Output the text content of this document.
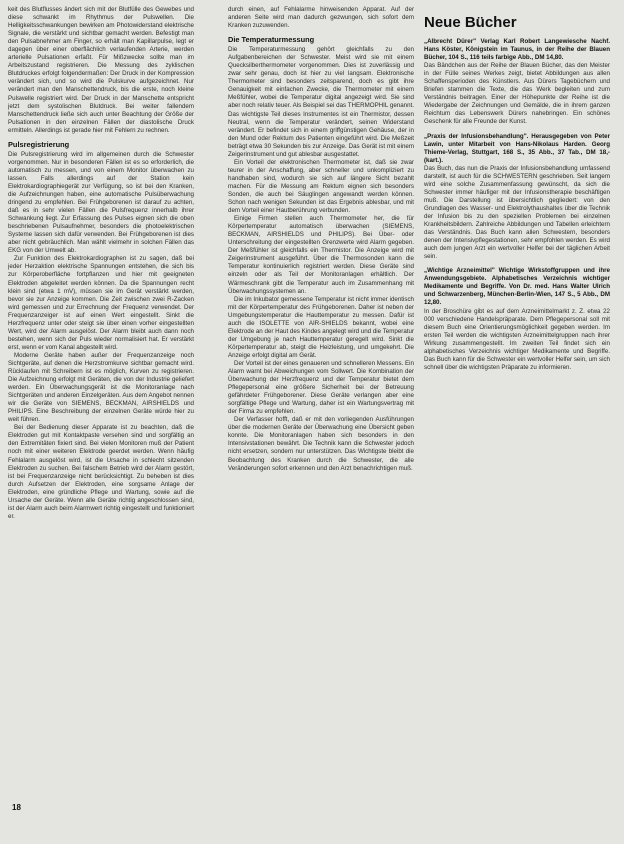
keit des Blutflusses ändert sich mit der Blutfülle des Gewebes und diese schwankt im Rhythmus der Pulswellen. Die Helligkeitsschwankungen bewirken am Photowiderstand elektrische Signale, die verstärkt und sichtbar gemacht werden. Befestigt man den Pulsabnehmer am Finger, so erhält man Kapillarpulse, legt er dagegen über einer oberflächlich verlaufenden Arterie, werden arterielle Pulsationen erfaßt. Für Mißzwecke sollte man im Arbeitszustand registrieren. Die Messung des zyklischen Blutdruckes erfolgt folgendermaßen: Der Druck in der Kompression verändert sich, und so wird die Pulskurve aufgezeichnet. Nur verändert man den Manschettendruck, bis die erste, noch kleine Pulswelle registriert wird. Der Druck in der Manschette entspricht jetzt dem systolischen Blutdruck. Bei weiter fallendem Manschettendruck ließe sich auch unter Beachtung der Größe der Pulsationen in den einzelnen Fällen der diastolische Druck ermitteln. Allerdings ist gerade hier mit Fehlern zu rechnen.

Pulsregistrierung

Die Pulsregistrierung wird im allgemeinen durch die Schwester vorgenommen. Nur in besonderen Fällen ist es so erforderlich, die automatisch zu messen, und von einem Monitor überwachen zu lassen. Falls allerdings auf der Station kein Elektrokardiographiegerät zur Verfügung, so ist bei den Kranken, die Aufzeichnungen haben, eine automatische Pulsüberwachung dringend zu empfehlen. Bei Frühgeborenen ist darauf zu achten, daß es in sehr vielen Fällen die Pulsfrequenz innerhalb ihrer Schwankung liegt. Zur Erfassung des Pulses eignen sich die oben beschriebenen Pulsaufnehmer, besonders die photoelektrischen Systeme lassen sich dafür verwenden. Bei Frühgeborenen ist dies aber nicht gebräuchlich. Man wählt vielmehr in solchen Fällen das EKG von der Umwelt ab.

Zur Funktion des Elektrokardiographen ist zu sagen, daß bei jeder Herzaktion elektrische Spannungen entstehen, die sich bis zur Körperoberfläche fortpflanzen und hier mit geeigneten Elektroden abgeleitet werden können. Da die Spannungen recht klein sind (etwa 1 mV), müssen sie im Gerät verstärkt werden, bevor sie zur Anzeige kommen. Die Zeit zwischen zwei R-Zacken wird gemessen und zur Errechnung der Frequenz verwendet. Der Frequenzanzeiger ist auf einen Wert eingestellt. Sinkt die Herzfrequenz unter oder steigt sie über einen vorher eingestellten Wert, wird der Alarm ausgelöst. Der Alarm bleibt auch dann noch bestehen, wenn sich der Puls wieder normalisiert hat. Er verstärkt erst, wenn er vom Kanal abgestellt wird.

Moderne Geräte haben außer der Frequenzanzeige noch Sichtgeräte, auf denen die Herzstromkurve sichtbar gemacht wird. Rücklaufen mit Schreibern ist es möglich, Kurven zu registrieren. Die Aufzeichnung erfolgt mit Geräten, die von der Industrie geliefert werden. Ein Überwachungsgerät ist die Monitoranlage nach Sichtgeräten und anderen Einzelgeräten. Aus dem Angebot nennen wir die Geräte von SIEMENS, BECKMAN, AIRSHIELDS und PHILIPS. Eine Beschreibung der einzelnen Geräte würde hier zu weit führen.

Bei der Bedienung dieser Apparate ist zu beachten, daß die Elektroden gut mit Kontaktpaste versehen sind und sorgfältig an den Extremitäten fixiert sind. Bei vielen Monitoren muß der Patient noch mit einer weiteren Elektrode geerdet werden. Wenn häufig Fehlalarm ausgelöst wird, ist die Ursache in schlecht sitzenden Elektroden zu suchen. Bei falschem Betrieb wird der Alarm gestört, ist bei Frequenzanzeige nicht berücksichtigt. Zu beheben ist dies durch Aufsetzen der Elektroden, eine sorgsame Anlage der Elektroden, eine gründliche Pflege und Wartung, sowie auf die Ursache der Geräte. Wenn alle Geräte richtig angeschlossen sind, ist der Alarm auch beim Alarmwert richtig eingestellt und funktioniert er.

durch einen, auf Fehlalarme hinweisenden Apparat. Auf der anderen Seite wird man dadurch gezwungen, sich sofort dem Kranken zuzuwenden.

Die Temperaturmessung

Die Temperaturmessung gehört gleichfalls zu den Aufgabenbereichen der Schwester. Meist wird sie mit einem Quecksilberthermometer vorgenommen. Dies ist zuverlässig und zwar sehr genau, doch ist hier zu viel langsam. Elektronische Thermometer sind besonders zeitsparend, doch es gibt ihre Genauigkeit mit einfachen Zwecke, die Thermometer mit einem Meßfühler, wobei die Temperatur digital angezeigt wird. Sie sind aber noch relativ teuer. Als Beispiel sei das THERMOPHIL genannt. Das wichtigste Teil dieses Instrumentes ist ein Thermistor, dessen Neutral, wenn die Temperatur verändert, seinen Widerstand verändert. Er befindet sich in einem griffgünstigen Gehäuse, der in den Mund oder Rektum des Patienten eingeführt wird. Die Meßzeit beträgt etwa 30 Sekunden bis zur Anzeige. Das Gerät ist mit einem Zeigerinstrument und gut ablesbar ausgestattet.

Ein Vorteil der elektronischen Thermometer ist, daß sie zwar teurer in der Anschaffung, aber schneller und unkompliziert zu handhaben sind, wodurch sie sich auf längere Sicht bezahlt machen. Für die Messung am Rektum eignen sich besonders Sonden, die auch bei Säuglingen angewandt werden können. Schon nach wenigen Sekunden ist das Ergebnis ablesbar, und mit dem Vorteil einer Hautberührung verbunden.

Einige Firmen stellen auch Thermometer her, die für Körpertemperatur automatisch überwachen (SIEMENS, BECKMAN, AIRSHIELDS und PHILIPS). Bei Über- oder Unterschreitung der eingestellten Grenzwerte wird Alarm gegeben. Der Meßfühler ist gleichfalls ein Thermistor. Die Anzeige wird mit Zeigerinstrument ausgeführt. Über die Thermosonden kann die Temperatur kontinuierlich registriert werden. Diese Geräte sind einzeln oder als Teil der Monitoranlagen erhältlich. Der Wärmeschrank gibt die Temperatur auch im Zusammenhang mit Überwachungssystemen an.

Die im Inkubator gemessene Temperatur ist nicht immer identisch mit der Körpertemperatur des Frühgeborenen. Daher ist neben der Umgebungstemperatur die Hauttemperatur zu messen. Dafür ist auch die ISOLETTE von AIR-SHIELDS bekannt, wobei eine Elektrode an der Haut des Kindes angelegt wird und die Temperatur der Umgebung je nach Hauttemperatur geregelt wird. Sinkt die Körpertemperatur ab, steigt die Heizleistung, und umgekehrt. Die Anzeige erfolgt digital am Gerät.

Der Vorteil ist der eines genaueren und schnelleren Messens. Ein Alarm warnt bei Abweichungen vom Sollwert. Die Kombination der Überwachung der Herzfrequenz und der Temperatur bietet dem Pflegepersonal eine größere Sicherheit bei der Betreuung gefährdeter Frühgeborener. Diese Geräte verlangen aber eine sorgfältige Pflege und Wartung, daher ist ein Wartungsvertrag mit der Firma zu empfehlen.

Der Verfasser hofft, daß er mit den vorliegenden Ausführungen über die modernen Geräte der Überwachung eine Übersicht geben konnte. Die Monitoranlagen haben sich besonders in den Intensivstationen bewährt. Die Technik kann die Schwester jedoch nicht ersetzen, sondern nur unterstützen. Das Wichtigste bleibt die Beobachtung des Kranken durch die Schwester, die alle Veränderungen sofort erkennen und den Arzt benachrichtigen muß.

Neue Bücher
„Albrecht Dürer" Verlag Karl Robert Langewiesche Nachf. Hans Köster, Königstein im Taunus, in der Reihe der Blauen Bücher, 104 S., 116 teils farbige Abb., DM 14,80.
Das Bändchen aus der Reihe der Blauen Bücher, das den Meister in der Fülle seines Werkes zeigt, bietet Abbildungen aus allen Schaffensperioden des Künstlers. Aus Dürers Tagebüchern und Briefen stammen die Texte, die das Werk begleiten und zum Verständnis beitragen. Einer der Höhepunkte der Reihe ist die Wiedergabe der Zeichnungen und Gemälde, die in ihrem ganzen Reichtum das Lebenswerk Dürers nahebringen. Ein schönes Geschenk für alle Freunde der Kunst.
„Praxis der Infusionsbehandlung". Herausgegeben von Peter Lawin, unter Mitarbeit von Hans-Nikolaus Harden. Georg Thieme-Verlag, Stuttgart, 168 S., 35 Abb., 37 Tab., DM 18,- (kart.).
Das Buch, das nun die Praxis der Infusionsbehandlung umfassend darstellt, ist auch für die SCHWESTERN geschrieben. Seit langem wird eine solche Zusammenfassung gewünscht, da sich die Schwester immer häufiger mit der Infusionstherapie beschäftigen muß. Die Darstellung ist übersichtlich gegliedert: von den Grundlagen des Wasser- und Elektrolythaushaltes über die Technik der Infusion bis zu den speziellen Problemen bei einzelnen Krankheitsbildern. Zahlreiche Abbildungen und Tabellen erleichtern das Verständnis. Das Buch kann allen Schwestern, besonders denen der Intensivpflegestationen, sehr empfohlen werden. Es wird auch dem jungen Arzt ein wertvoller Helfer bei der täglichen Arbeit sein.
„Wichtige Arzneimittel" Wichtige Wirkstoffgruppen und ihre Anwendungsgebiete. Alphabetisches Verzeichnis wichtiger Medikamente und Begriffe. Von Dr. med. Hans Walter Ulrich und Schwarzenberg, München-Berlin-Wien, 147 S., 5 Abb., DM 12,80.
In der Broschüre gibt es auf dem Arzneimittelmarkt z. Z. etwa 22 000 verschiedene Handelspräparate. Dem Pflegepersonal soll mit diesem Buch eine Orientierungsmöglichkeit gegeben werden. Im ersten Teil werden die wichtigsten Arzneimittelgruppen nach ihrer Wirkung zusammengestellt. Im zweiten Teil findet sich ein alphabetisches Verzeichnis wichtiger Medikamente und Begriffe. Das Buch kann für die Schwester ein wertvoller Helfer sein, um sich schnell über die wichtigsten Präparate zu informieren.
18
